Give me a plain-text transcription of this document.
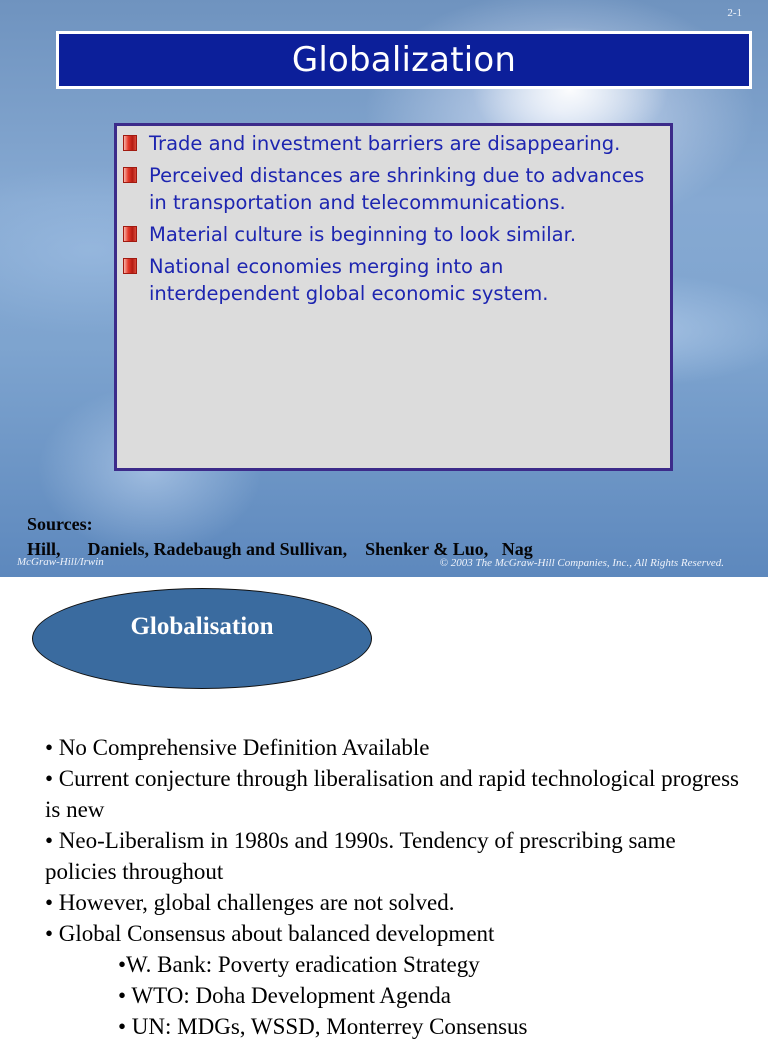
2-1
Globalization
Trade and investment barriers are disappearing.
Perceived distances are shrinking due to advances in transportation and telecommunications.
Material culture is beginning to look similar.
National economies merging into an interdependent global economic system.
Sources:
Hill,      Daniels, Radebaugh and Sullivan,    Shenker & Luo,   Nag
McGraw-Hill/Irwin	© 2003 The McGraw-Hill Companies, Inc., All Rights Reserved.
Globalisation
• No Comprehensive Definition Available
• Current conjecture through liberalisation and rapid technological progress is new
• Neo-Liberalism in 1980s and 1990s. Tendency of prescribing same policies throughout
• However, global challenges are not solved.
• Global Consensus about balanced development
•W. Bank: Poverty eradication Strategy
• WTO: Doha Development Agenda
• UN: MDGs, WSSD, Monterrey Consensus
